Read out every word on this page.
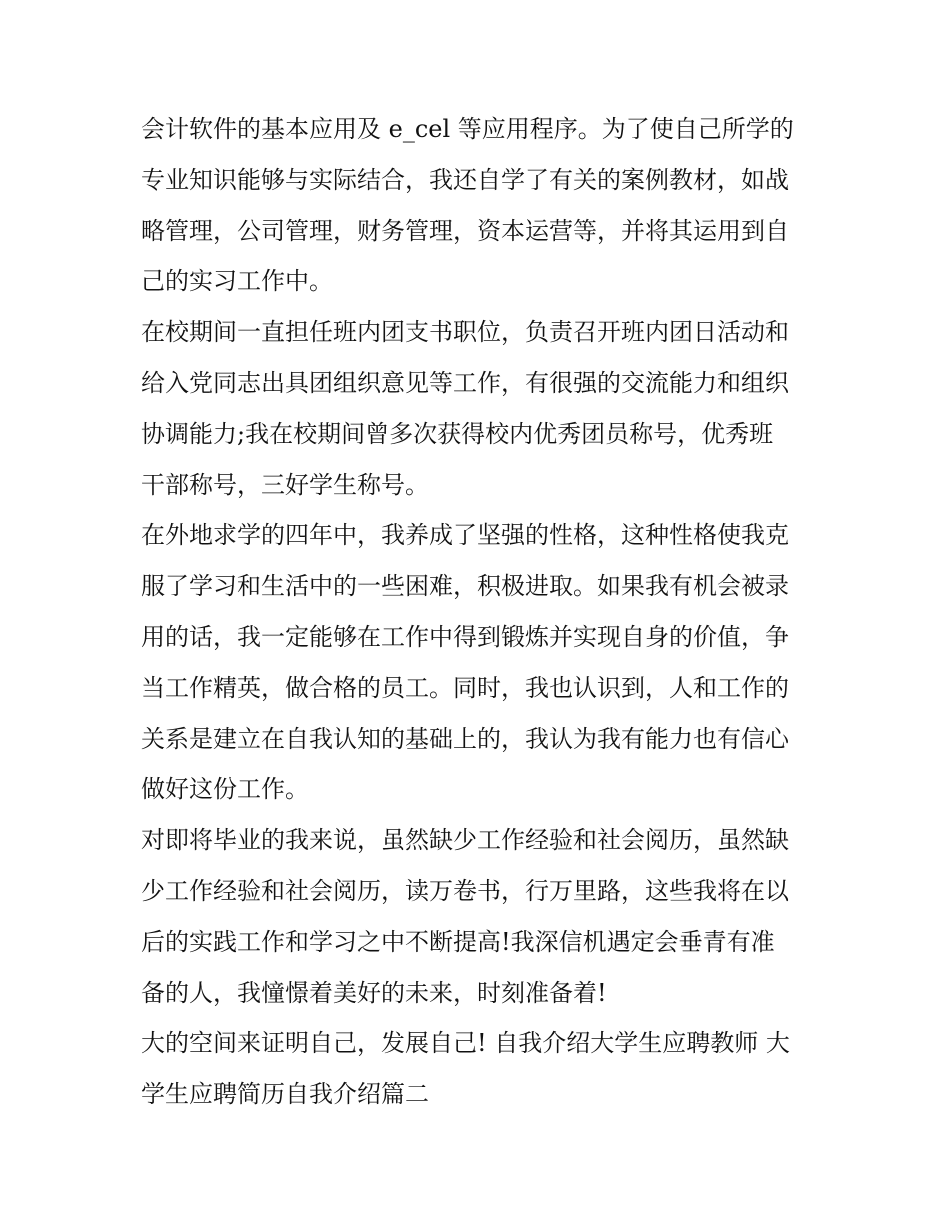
会计软件的基本应用及 e_cel 等应用程序。为了使自己所学的
专业知识能够与实际结合，我还自学了有关的案例教材，如战
略管理，公司管理，财务管理，资本运营等，并将其运用到自
己的实习工作中。
在校期间一直担任班内团支书职位，负责召开班内团日活动和
给入党同志出具团组织意见等工作，有很强的交流能力和组织
协调能力;我在校期间曾多次获得校内优秀团员称号，优秀班
干部称号，三好学生称号。
在外地求学的四年中，我养成了坚强的性格，这种性格使我克
服了学习和生活中的一些困难，积极进取。如果我有机会被录
用的话，我一定能够在工作中得到锻炼并实现自身的价值，争
当工作精英，做合格的员工。同时，我也认识到，人和工作的
关系是建立在自我认知的基础上的，我认为我有能力也有信心
做好这份工作。
对即将毕业的我来说，虽然缺少工作经验和社会阅历，虽然缺
少工作经验和社会阅历，读万卷书，行万里路，这些我将在以
后的实践工作和学习之中不断提高!我深信机遇定会垂青有准
备的人，我憧憬着美好的未来，时刻准备着!
大的空间来证明自己，发展自己! 自我介绍大学生应聘教师 大
学生应聘简历自我介绍篇二
